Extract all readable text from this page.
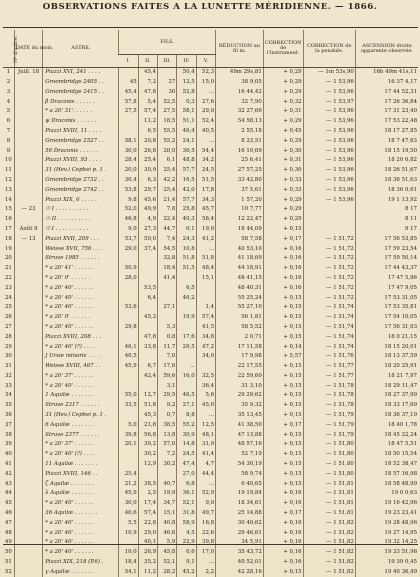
OBSERVATIONS FAITES A LA LUNETTE MÉRIDIENNE. — 1866.
Nº d'ordre.	DATE du mois.	ASTRE.	FILS.					RÉDUCTION au fil m.	CORRECTION de l'instrument.	CORRECTION de la pendule.	ASCENSION droite apparente observée.
			I.	II.	III.	IV.	V.				
1	Juill. 18	Piazzi XVI, 241 . . . .		45,4		50,4	52,3	49m 29s,81	+ 0,29	— 1m 53s,90	16h 49m 41s,11
2		Groombridge 2405 . .	45	7,2	27	12,5	15,0	38 9,05	+ 0,29	— 1 53,96	16 37 4,17
3		Groombridge 2415 . .	45,4	47,8	30	52,8	...	16 44,42	+ 0,29	— 1 53,96	17 44 52,31
4		β Draconis . . . . . .	57,8	5,4	52,5	0,3	27,6	32 7,90	+ 0,32	— 1 53,97	17 26 36,84
5		* a 20' 31'. . . . . .	27,5	57,4	27,5	58,1	29,0	32 27,66	+ 0,31	— 1 53,96	17 31 23,40
6		ψ Draconis . . . . . .		11,2	18,5	51,1	52,4	54 58,13	+ 0,29	— 1 53,96	17 53 22,48
7		Piazzi XVIII, 11 . . . .		6,5	55,5	46,4	40,5	2 55,18	+ 0,45	— 1 53,96	18 17 27,85
8		Groombridge 2527 . .	58,1	20,8	55,2	24,1	...	8 23,51	+ 0,29	— 1 53,96	18 7 47,63
9		56 Draconis . . . . . .	30,0	26,8	20,0	36,5	54,4	16 10,69	+ 0,30	— 1 53,96	18 15 19,50
10		Piazzi XVIII, 93 . . . .	28,4	25,4	6,1	48,8	34,2	25 6,41	+ 0,31	— 1 53,96	18 20 6,82
11		31 (Hev.) Cephei p. 1 .	20,0	30,9	25,4	57,7	24,5	27 57,25	+ 0,30	— 1 53,96	18 26 51,67
12		Groombridge 2732 . .	30,4	6,3	42,2	16,5	51,5	33 42,80	+ 0,33	— 1 53,96	18 36 51,63
13		Groombridge 2742 . .	53,8	29,7	25,4	42,0	17,8	37 5,61	+ 0,33	— 1 53,96	18 36 0,61
14		Piazzi XIX, 6 . . . . .	9,8	45,6	21,4	57,7	34,3	1 57,20	+ 0,29	— 1 53,96	19 1 13,92
15	— 23	☉ I . . . . . . . . . .	52,0	49,9	7,8	25,8	45,7	10 7,77	+ 0,29		8 17
16		☉ II . . . . . . . . . .	46,8	4,9	22,4	40,3	58,4	12 22,47	+ 0,29		8 11
17	Août 9	☉ I . . . . . . . . . .	9,0	27,3	44,7	0,1	19,0	18 44,09	+ 0,15		9 17
18	— 13	Piazzi XVII, 209 . . .	53,7	50,0	7,4	24,3	41,2	58 7,58	+ 0,17	— 1 51,72	17 56 53,85
19		Weisse XVII, 756 . . .	29,0	37,4	54,5	10,8	...	40 53,10	+ 0,16	— 1 51,72	17 59 23,54
20		Struve 1985 . . . . . .			32,8	51,8	51,8	41 18,69	+ 0,16	— 1 51,72	17 59 50,14
21		* a 20' 41' . . . . . .	50,9		18,4	51,5	48,4	44 18,91	+ 0,16	— 1 51,72	17 44 43,37
22		* a 20' 0' . . . . . .	28,0		41,4		15,1	48 41,15	+ 0,16	— 1 51,72	17 47 5,86
23		* a 20' 40' . . . . . .		53,5		6,5		48 40,31	+ 0,16	— 1 51,72	17 47 9,05
24		* a 20' 40' . . . . . .		6,4		46,2		55 25,24	+ 0,15	— 1 51,72	17 53 31,05
25		* a 20' 40' . . . . . .	53,6		27,1		1,4	55 27,10	+ 0,15	— 1 51,74	17 53 35,81
26		* a 20' 0' . . . . . .		45,2		19,9	57,4	56 1,81	+ 0,15	— 1 51,74	17 54 10,05
27		* a 20' 40' . . . . . .	29,8		5,3		41,5	58 5,52	+ 0,15	— 1 51,74	17 56 31,93
28		Piazzi XVIII, 208 . . .		47,8	0,8	17,6	34,8	2 0,71	+ 0,15	— 1 51,74	18 0 21,15
29		* a 20' 40' (?) . . . .	46,1	33,8	11,7	29,5	47,2	17 11,58	+ 0,14	— 1 51,74	18 15 20,01
30		J Ursæ minoris . . . .	40,5		7,0		34,0	17 9,98	+ 5,57	— 1 51,76	18 13 37,59
31		Weisse XVIII, 467 . .	45,9	6,7	17,6	...		22 17,55	+ 0,15	— 1 51,77	18 20 25,91
32		* a 20' 37' . . . . . .		42,4	59,6	16,0	32,5	22 59,60	+ 0,15	— 1 51,77	18 21 7,97
33		* a 20' 40' . . . . . .			3,1		36,4	31 3,10	+ 0,15	— 1 51,78	18 29 11,47
34		1 Aquilæ . . . . . . .	55,0	12,7	29,5	46,5	5,6	29 29,62	+ 0,15	— 1 51,78	18 27 37,99
35		Struve 2317 . . . . . .	33,5	51,8	9,2	27,1	45,0	35 9,32	+ 0,15	— 1 51,78	18 33 17,69
36		31 (Hev.) Cephei p. 1 .		45,3	0,7	8,8	...	35 13,45	+ 0,15	— 1 51,79	18 36 37,19
37		6 Aquilæ . . . . . . .	5,0	21,8	38,5	55,2	12,5	41 38,50	+ 0,17	— 1 51,79	18 40 1,78
38		Struve 2377 . . . . . .	39,8	56,8	13,8	30,9	48,1	47 13,88	+ 0,15	— 1 51,79	18 45 22,24
39		* a 20' 37' . . . . . .	20,1	39,2	57,0	14,8	31,9	48 57,16	+ 0,15	— 1 51,80	18 47 5,51
40		* a 20' 40' (?) . . . .		30,2	7,2	24,5	41,4	52 7,19	+ 0,15	— 1 51,80	18 50 15,54
41		11 Aquilæ . . . . . . .		12,9	30,2	47,4	4,7	54 30,19	+ 0,15	— 1 51,80	18 52 38,47
42		Piazzi XVIII, 146 . .	25,4			27,0	44,4	58 9,74	+ 0,15	— 1 51,80	18 57 16,98
43		ζ Aquilæ . . . . . . .	21,2	38,5	40,7	6,8	...	0 40,65	+ 0,15	— 1 51,81	18 58 48,99
44		λ Aquilæ . . . . . . .	45,9	2,5	19,9	36,1	52,9	19 19,84	+ 0,16	— 1 51,81	19 0 0,63
45		* a 20' 40' . . . . . .	30,0	17,4	34,7	52,1	9,0	18 34,61	+ 0,16	— 1 51,81	19 16 42,96
46		36 Aquilæ . . . . . . .	40,6	57,4	15,1	31,8	49,7	25 14,88	+ 0,17	— 1 51,81	19 23 23,41
47		* a 20' 40' . . . . . .	5,5	22,8	40,8	58,9	16,8	30 40,62	+ 0,16	— 1 51,82	19 28 48,96
48		* a 20' 40' . . . . . .	10,9	29,0	46,6	4,5	22,6	29 46,61	+ 0,16	— 1 51,82	19 27 14,95
49		* a 20' 40' . . . . . .		40,1	5,9	22,9	39,8	34 5,91	+ 0,16	— 1 51,82	19 32 14,25
50		* a 20' 40' . . . . . .	10,0	26,9	45,8	0,6	17,0	35 43,72	+ 0,16	— 1 51,82	19 33 51,96
51		Piazzi XIX, 218 (P.6) .	18,4	35,2	52,1	9,1	...	40 52,01	+ 0,16	— 1 51,82	19 39 0,45
52		γ Aquilæ . . . . . . .	54,1	11,2	28,2	45,2	2,2	42 28,16	+ 0,15	— 1 51,82	19 40 36,49
